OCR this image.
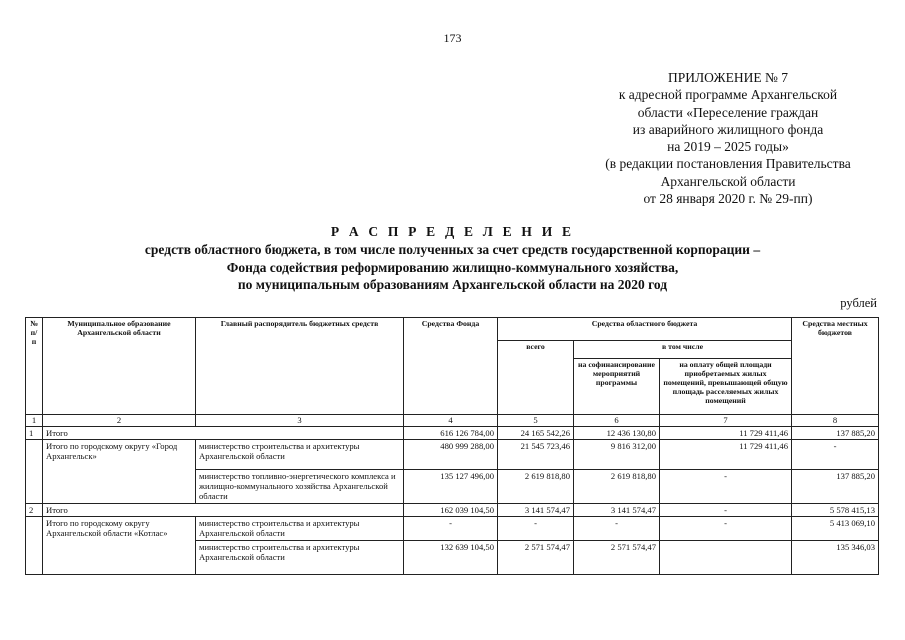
173
ПРИЛОЖЕНИЕ № 7
к адресной программе Архангельской
области «Переселение граждан
из аварийного жилищного фонда
на 2019 – 2025 годы»
(в редакции постановления Правительства
Архангельской области
от 28 января 2020 г. № 29-пп)
Р А С П Р Е Д Е Л Е Н И Е
средств областного бюджета, в том числе полученных за счет средств государственной корпорации –
Фонда содействия реформированию жилищно-коммунального хозяйства,
по муниципальным образованиям Архангельской области на 2020 год
рублей
№ п/п	Муниципальное образование Архангельской области	Главный распорядитель бюджетных средств	Средства Фонда	Средства областного бюджета			Средства местных бюджетов
				всего	в том числе		
					на софинансирование мероприятий программы	на оплату общей площади приобретаемых жилых помещений, превышающей общую площадь расселяемых жилых помещений	
1	2	3	4	5	6	7	8
1	Итого		616 126 784,00	24 165 542,26	12 436 130,80	11 729 411,46	137 885,20
	Итого по городскому округу «Город Архангельск»	министерство строительства и архитектуры Архангельской области	480 999 288,00	21 545 723,46	9 816 312,00	11 729 411,46	-
		министерство топливно-энергетического комплекса и жилищно-коммунального хозяйства Архангельской области	135 127 496,00	2 619 818,80	2 619 818,80	-	137 885,20
2	Итого		162 039 104,50	3 141 574,47	3 141 574,47	-	5 578 415,13
	Итого по городскому округу Архангельской области «Котлас»	министерство строительства и архитектуры Архангельской области	-	-	-	-	5 413 069,10
		министерство строительства и архитектуры Архангельской области	132 639 104,50	2 571 574,47	2 571 574,47		135 346,03
